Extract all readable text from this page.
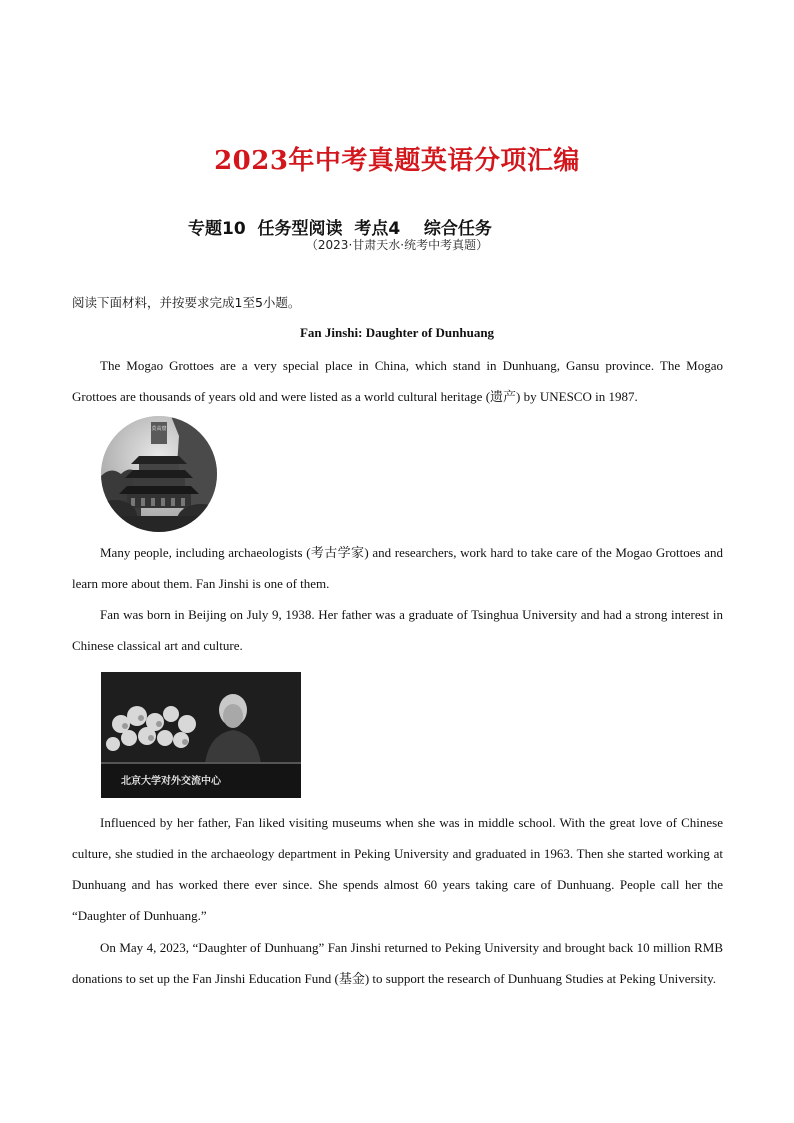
2023年中考真题英语分项汇编
专题10  任务型阅读  考点4    综合任务
（2023·甘肃天水·统考中考真题）
阅读下面材料，并按要求完成1至5小题。
Fan Jinshi: Daughter of Dunhuang

The Mogao Grottoes are a very special place in China, which stand in Dunhuang, Gansu province. The Mogao Grottoes are thousands of years old and were listed as a world cultural heritage (遗产) by UNESCO in 1987.

莫高窟

Many people, including archaeologists (考古学家) and researchers, work hard to take care of the Mogao Grottoes and learn more about them. Fan Jinshi is one of them.

Fan was born in Beijing on July 9, 1938. Her father was a graduate of Tsinghua University and had a strong interest in Chinese classical art and culture.

北京大学对外交流中心

Influenced by her father, Fan liked visiting museums when she was in middle school. With the great love of Chinese culture, she studied in the archaeology department in Peking University and graduated in 1963. Then she started working at Dunhuang and has worked there ever since. She spends almost 60 years taking care of Dunhuang. People call her the “Daughter of Dunhuang.”

On May 4, 2023, “Daughter of Dunhuang” Fan Jinshi returned to Peking University and brought back 10 million RMB donations to set up the Fan Jinshi Education Fund (基金) to support the research of Dunhuang Studies at Peking University.
